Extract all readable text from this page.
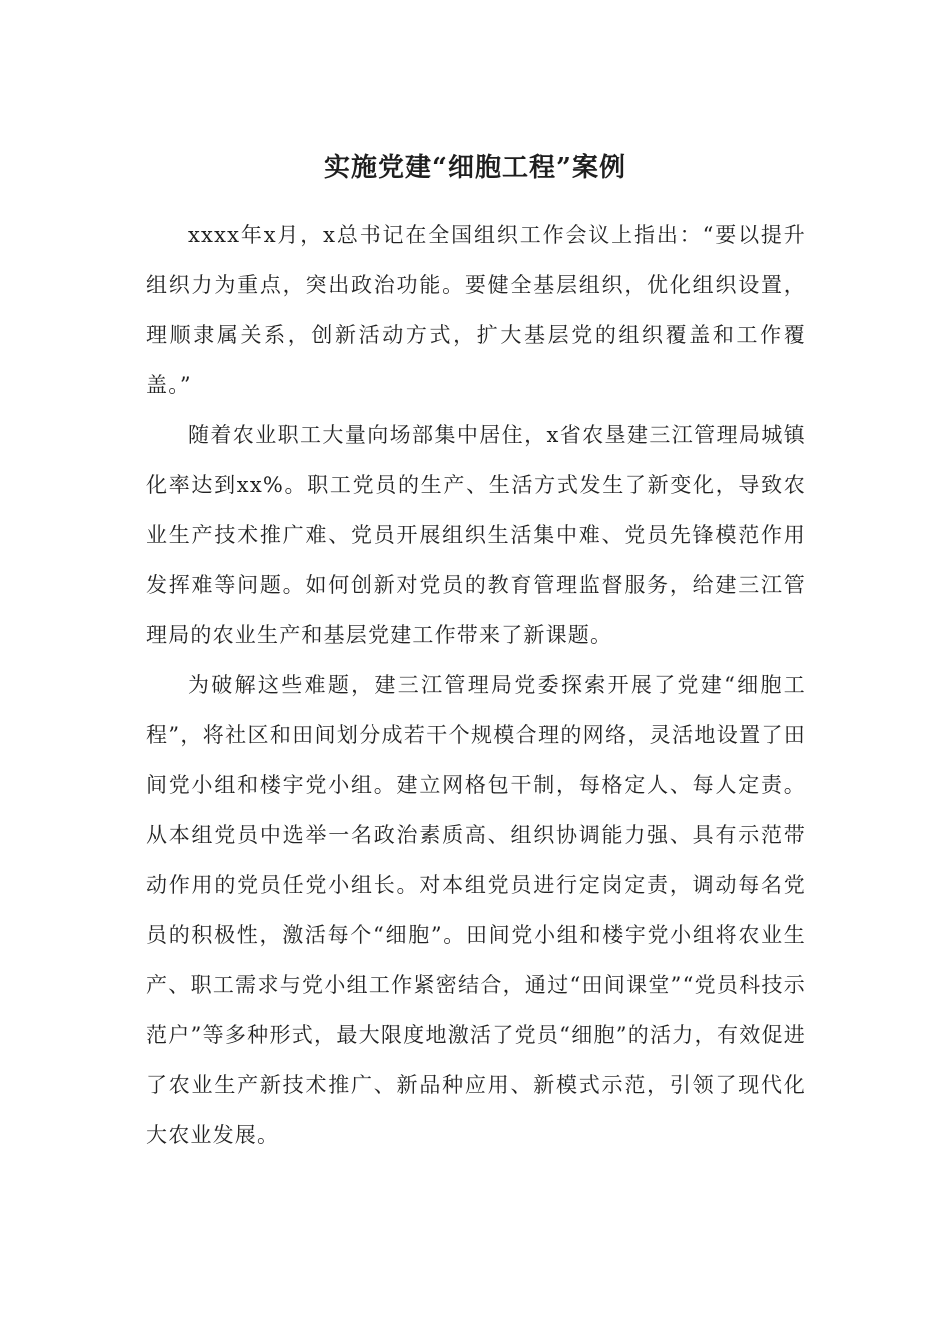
实施党建“细胞工程”案例

xxxx年x月，x总书记在全国组织工作会议上指出：“要以提升组织力为重点，突出政治功能。要健全基层组织，优化组织设置，理顺隶属关系，创新活动方式，扩大基层党的组织覆盖和工作覆盖。”

随着农业职工大量向场部集中居住，x省农垦建三江管理局城镇化率达到xx%。职工党员的生产、生活方式发生了新变化，导致农业生产技术推广难、党员开展组织生活集中难、党员先锋模范作用发挥难等问题。如何创新对党员的教育管理监督服务，给建三江管理局的农业生产和基层党建工作带来了新课题。

为破解这些难题，建三江管理局党委探索开展了党建“细胞工程”，将社区和田间划分成若干个规模合理的网络，灵活地设置了田间党小组和楼宇党小组。建立网格包干制，每格定人、每人定责。从本组党员中选举一名政治素质高、组织协调能力强、具有示范带动作用的党员任党小组长。对本组党员进行定岗定责，调动每名党员的积极性，激活每个“细胞”。田间党小组和楼宇党小组将农业生产、职工需求与党小组工作紧密结合，通过“田间课堂”“党员科技示范户”等多种形式，最大限度地激活了党员“细胞”的活力，有效促进了农业生产新技术推广、新品种应用、新模式示范，引领了现代化大农业发展。
